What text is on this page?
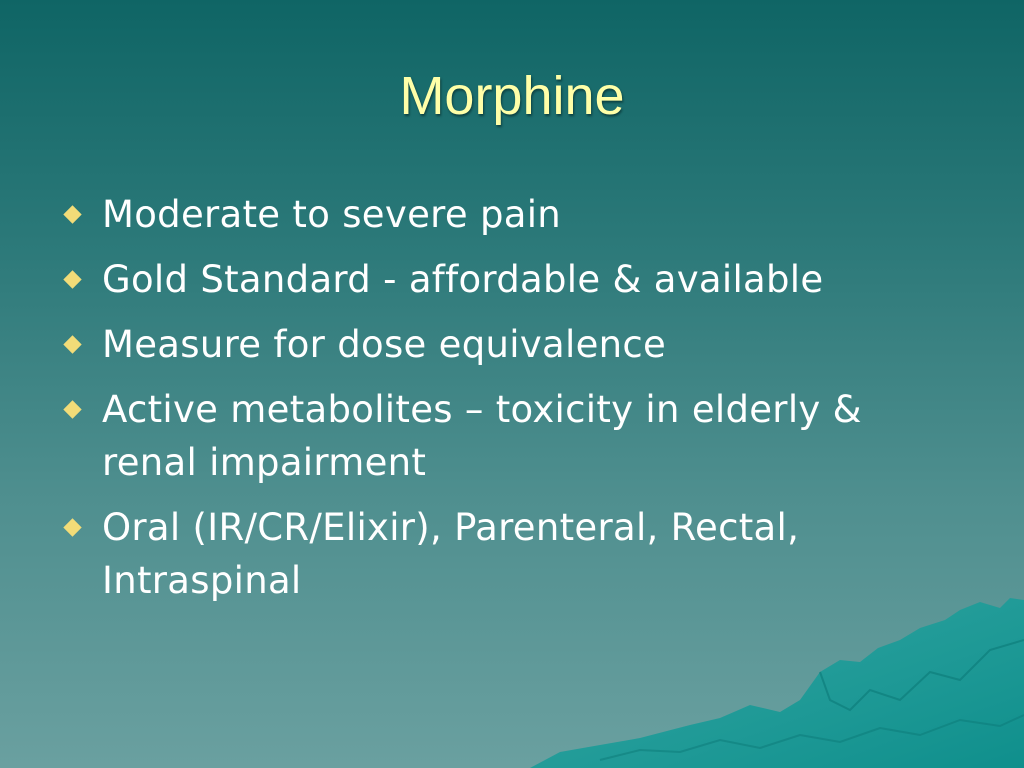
Morphine
Moderate to severe pain
Gold Standard - affordable & available
Measure for dose equivalence
Active metabolites – toxicity in elderly & renal impairment
Oral (IR/CR/Elixir), Parenteral, Rectal, Intraspinal
